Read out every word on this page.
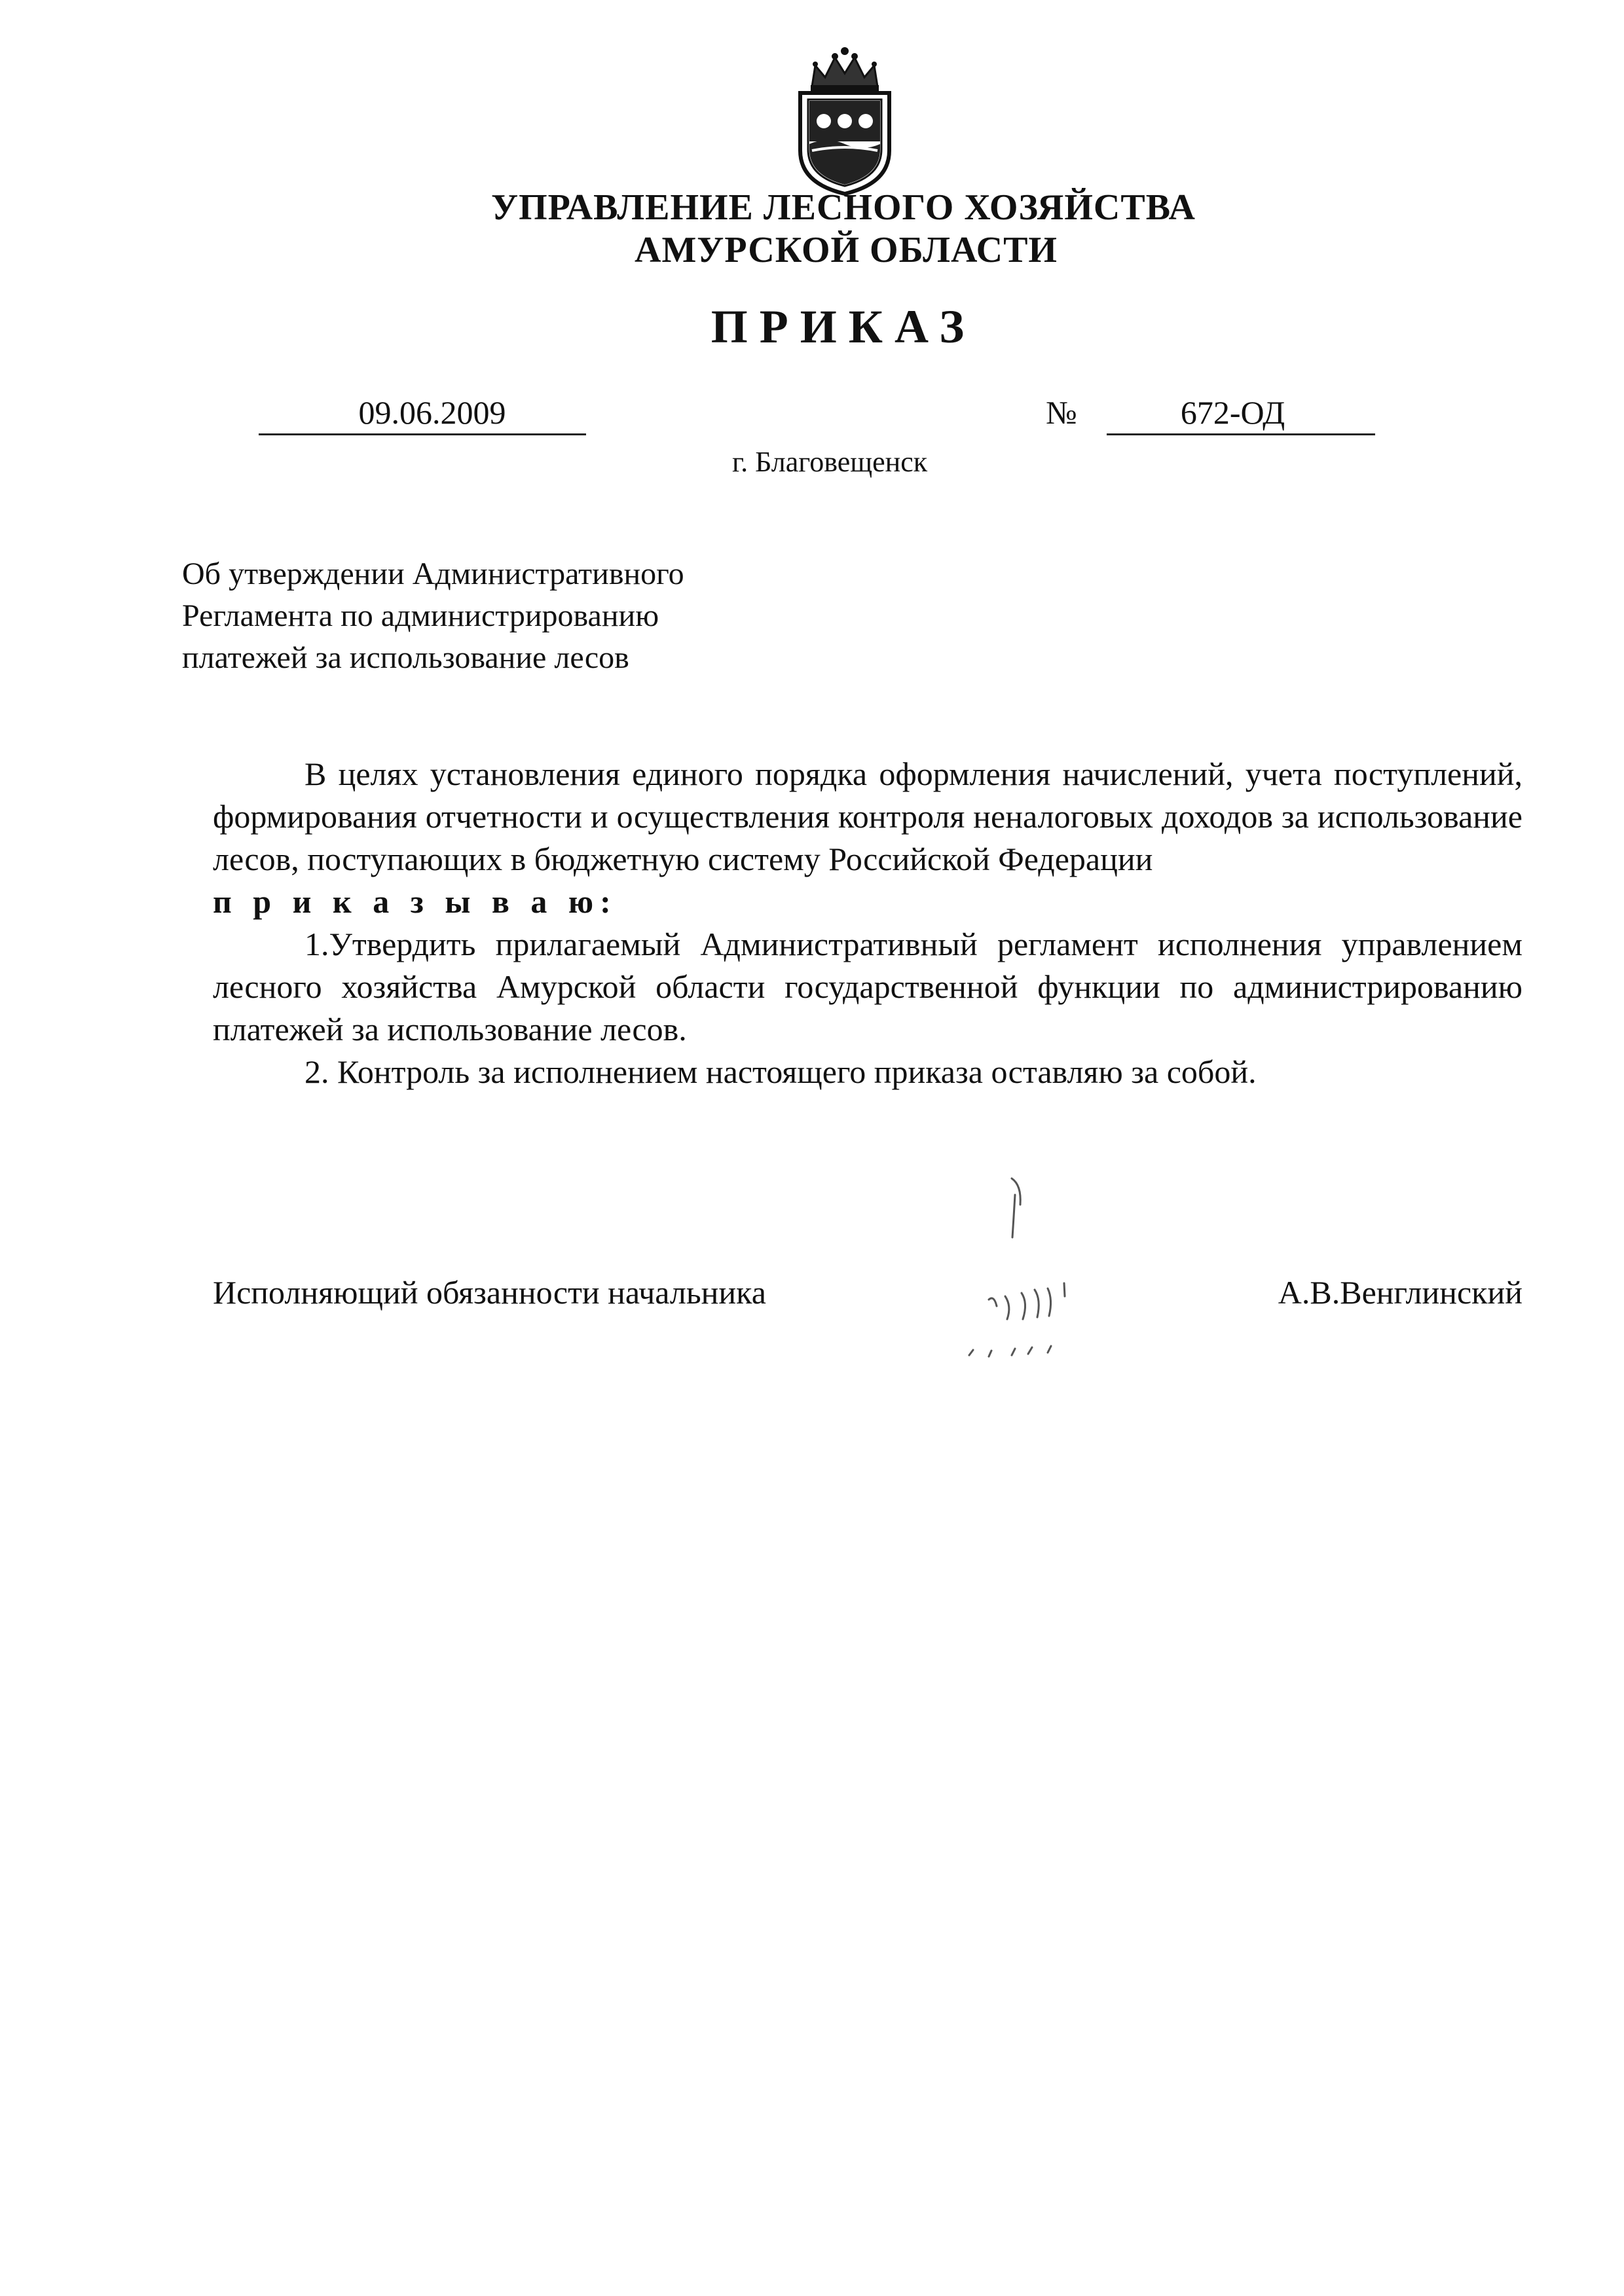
УПРАВЛЕНИЕ ЛЕСНОГО ХОЗЯЙСТВА
АМУРСКОЙ ОБЛАСТИ
ПРИКАЗ
09.06.2009	№	672-ОД
г. Благовещенск
Об утверждении Административного
Регламента по администрированию
платежей за использование лесов
В целях установления единого порядка оформления начислений, учета поступлений, формирования отчетности и осуществления контроля неналоговых доходов за использование лесов, поступающих в бюджетную систему Российской Федерации
п р и к а з ы в а ю:
1.Утвердить прилагаемый Административный регламент исполнения управлением лесного хозяйства Амурской области государственной функции по администрированию платежей за использование лесов.
2. Контроль за исполнением настоящего приказа оставляю за собой.
Исполняющий обязанности начальника	А.В.Венглинский
